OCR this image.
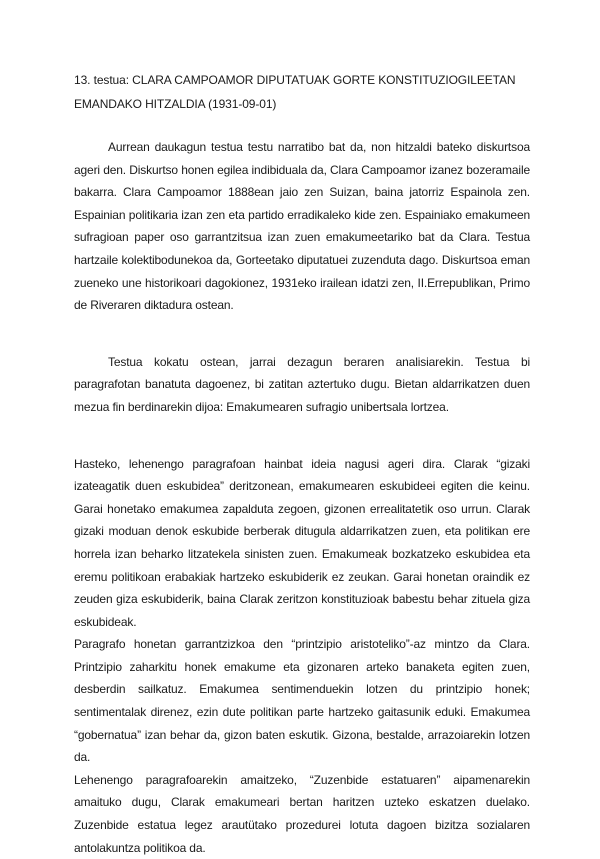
13. testua: CLARA CAMPOAMOR DIPUTATUAK GORTE KONSTITUZIOGILEETAN EMANDAKO HITZALDIA (1931-09-01)

Aurrean daukagun testua testu narratibo bat da, non hitzaldi bateko diskurtsoa ageri den. Diskurtso honen egilea indibiduala da, Clara Campoamor izanez bozeramaile bakarra. Clara Campoamor 1888ean jaio zen Suizan, baina jatorriz Espainola zen. Espainian politikaria izan zen eta partido erradikaleko kide zen. Espainiako emakumeen sufragioan paper oso garrantzitsua izan zuen emakumeetariko bat da Clara. Testua hartzaile kolektibodunekoa da, Gorteetako diputatuei zuzenduta dago. Diskurtsoa eman zueneko une historikoari dagokionez, 1931eko irailean idatzi zen, II.Errepublikan, Primo de Riveraren diktadura ostean.

Testua kokatu ostean, jarrai dezagun beraren analisiarekin. Testua bi paragrafotan banatuta dagoenez, bi zatitan aztertuko dugu. Bietan aldarrikatzen duen mezua fin berdinarekin dijoa: Emakumearen sufragio unibertsala lortzea.

Hasteko, lehenengo paragrafoan hainbat ideia nagusi ageri dira. Clarak “gizaki izateagatik duen eskubidea” deritzonean, emakumearen eskubideei egiten die keinu. Garai honetako emakumea zapalduta zegoen, gizonen errealitatetik oso urrun. Clarak gizaki moduan denok eskubide berberak ditugula aldarrikatzen zuen, eta politikan ere horrela izan beharko litzatekela sinisten zuen. Emakumeak bozkatzeko eskubidea eta eremu politikoan erabakiak hartzeko eskubiderik ez zeukan. Garai honetan oraindik ez zeuden giza eskubiderik, baina Clarak zeritzon konstituzioak babestu behar zituela giza eskubideak.

Paragrafo honetan garrantzizkoa den “printzipio aristoteliko”-az mintzo da Clara. Printzipio zaharkitu honek emakume eta gizonaren arteko banaketa egiten zuen, desberdin sailkatuz. Emakumea sentimenduekin lotzen du printzipio honek; sentimentalak direnez, ezin dute politikan parte hartzeko gaitasunik eduki. Emakumea “gobernatua” izan behar da, gizon baten eskutik. Gizona, bestalde, arrazoiarekin lotzen da.

Lehenengo paragrafoarekin amaitzeko, “Zuzenbide estatuaren” aipamenarekin amaituko dugu, Clarak emakumeari bertan haritzen uzteko eskatzen duelako. Zuzenbide estatua legez arautütako prozedurei lotuta dagoen bizitza sozialaren antolakuntza politikoa da.
